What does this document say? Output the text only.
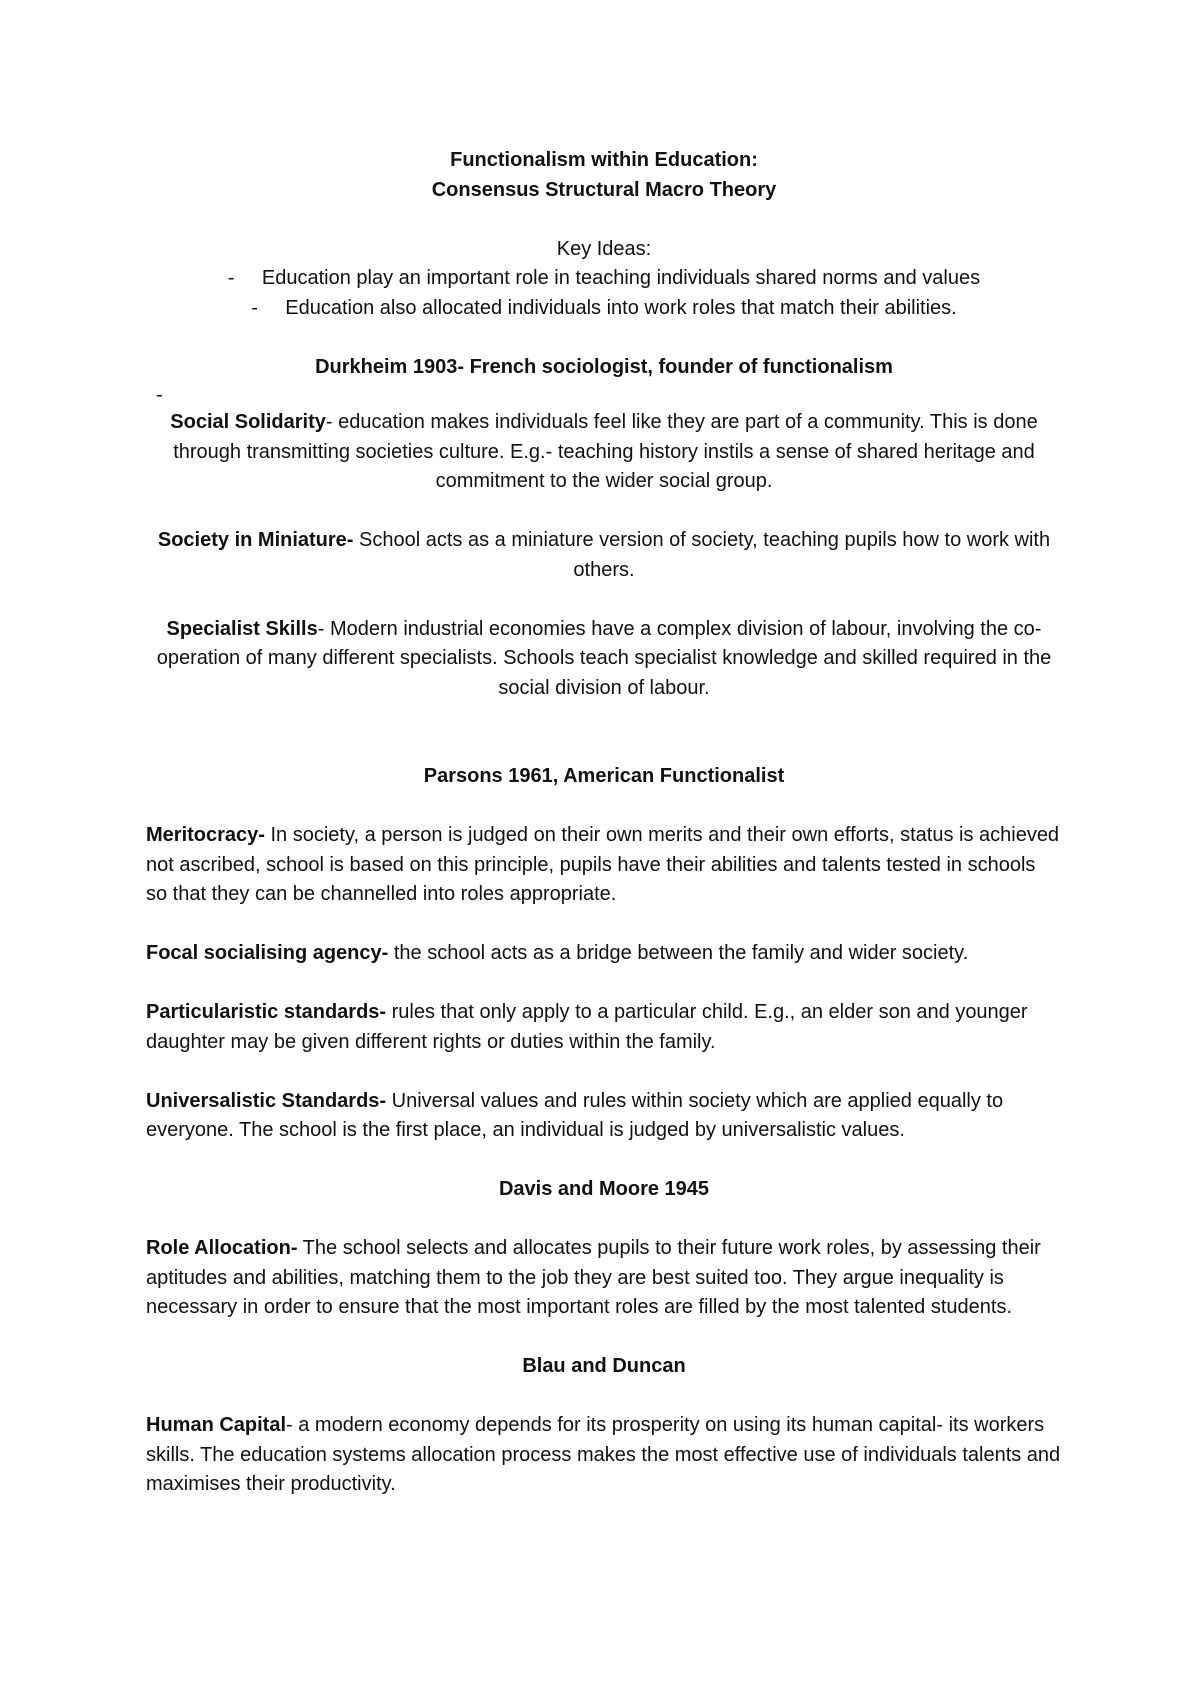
Functionalism within Education:

Consensus Structural Macro Theory

Key Ideas:

- Education play an important role in teaching individuals shared norms and values

- Education also allocated individuals into work roles that match their abilities.

Durkheim 1903- French sociologist, founder of functionalism

-

Social Solidarity- education makes individuals feel like they are part of a community. This is done through transmitting societies culture. E.g.- teaching history instils a sense of shared heritage and commitment to the wider social group.

Society in Miniature- School acts as a miniature version of society, teaching pupils how to work with others.

Specialist Skills- Modern industrial economies have a complex division of labour, involving the co-operation of many different specialists. Schools teach specialist knowledge and skilled required in the social division of labour.

Parsons 1961, American Functionalist

Meritocracy- In society, a person is judged on their own merits and their own efforts, status is achieved not ascribed, school is based on this principle, pupils have their abilities and talents tested in schools so that they can be channelled into roles appropriate.

Focal socialising agency- the school acts as a bridge between the family and wider society.

Particularistic standards- rules that only apply to a particular child. E.g., an elder son and younger daughter may be given different rights or duties within the family.

Universalistic Standards- Universal values and rules within society which are applied equally to everyone. The school is the first place, an individual is judged by universalistic values.

Davis and Moore 1945

Role Allocation- The school selects and allocates pupils to their future work roles, by assessing their aptitudes and abilities, matching them to the job they are best suited too. They argue inequality is necessary in order to ensure that the most important roles are filled by the most talented students.

Blau and Duncan

Human Capital- a modern economy depends for its prosperity on using its human capital- its workers skills. The education systems allocation process makes the most effective use of individuals talents and maximises their productivity.
